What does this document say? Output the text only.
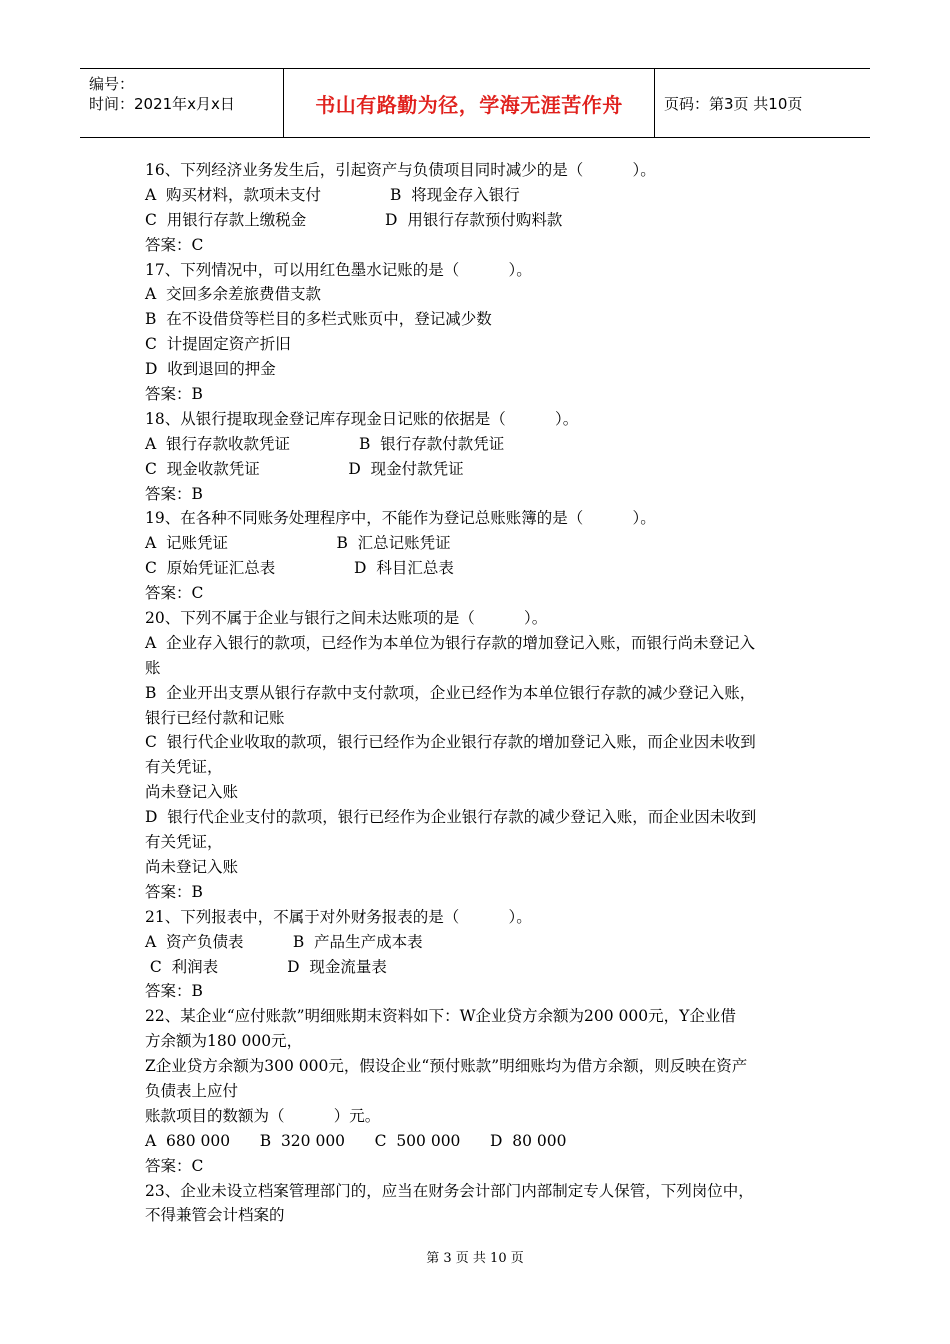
编号：
时间：2021年x月x日	书山有路勤为径，学海无涯苦作舟	页码：第3页 共10页
16、下列经济业务发生后，引起资产与负债项目同时减少的是（          ）。
A  购买材料，款项未支付              B  将现金存入银行
C  用银行存款上缴税金                D  用银行存款预付购料款
答案：C
17、下列情况中，可以用红色墨水记账的是（          ）。
A  交回多余差旅费借支款
B  在不设借贷等栏目的多栏式账页中，登记减少数
C  计提固定资产折旧
D  收到退回的押金
答案：B
18、从银行提取现金登记库存现金日记账的依据是（          ）。
A  银行存款收款凭证              B  银行存款付款凭证
C  现金收款凭证                  D  现金付款凭证
答案：B
19、在各种不同账务处理程序中，不能作为登记总账账簿的是（          ）。
A  记账凭证                      B  汇总记账凭证
C  原始凭证汇总表                D  科目汇总表
答案：C
20、下列不属于企业与银行之间未达账项的是（          ）。
A  企业存入银行的款项，已经作为本单位为银行存款的增加登记入账，而银行尚未登记入
账
B  企业开出支票从银行存款中支付款项，企业已经作为本单位银行存款的减少登记入账，
银行已经付款和记账
C  银行代企业收取的款项，银行已经作为企业银行存款的增加登记入账，而企业因未收到
有关凭证，
尚未登记入账
D  银行代企业支付的款项，银行已经作为企业银行存款的减少登记入账，而企业因未收到
有关凭证，
尚未登记入账
答案：B
21、下列报表中，不属于对外财务报表的是（          ）。
A  资产负债表          B  产品生产成本表
C  利润表              D  现金流量表
答案：B
22、某企业“应付账款”明细账期末资料如下：W企业贷方余额为200 000元，Y企业借
方余额为180 000元，
Z企业贷方余额为300 000元，假设企业“预付账款”明细账均为借方余额，则反映在资产
负债表上应付
账款项目的数额为（          ）元。
A  680 000      B  320 000      C  500 000      D  80 000
答案：C
23、企业未设立档案管理部门的，应当在财务会计部门内部制定专人保管，下列岗位中，
不得兼管会计档案的
第 3 页 共 10 页
